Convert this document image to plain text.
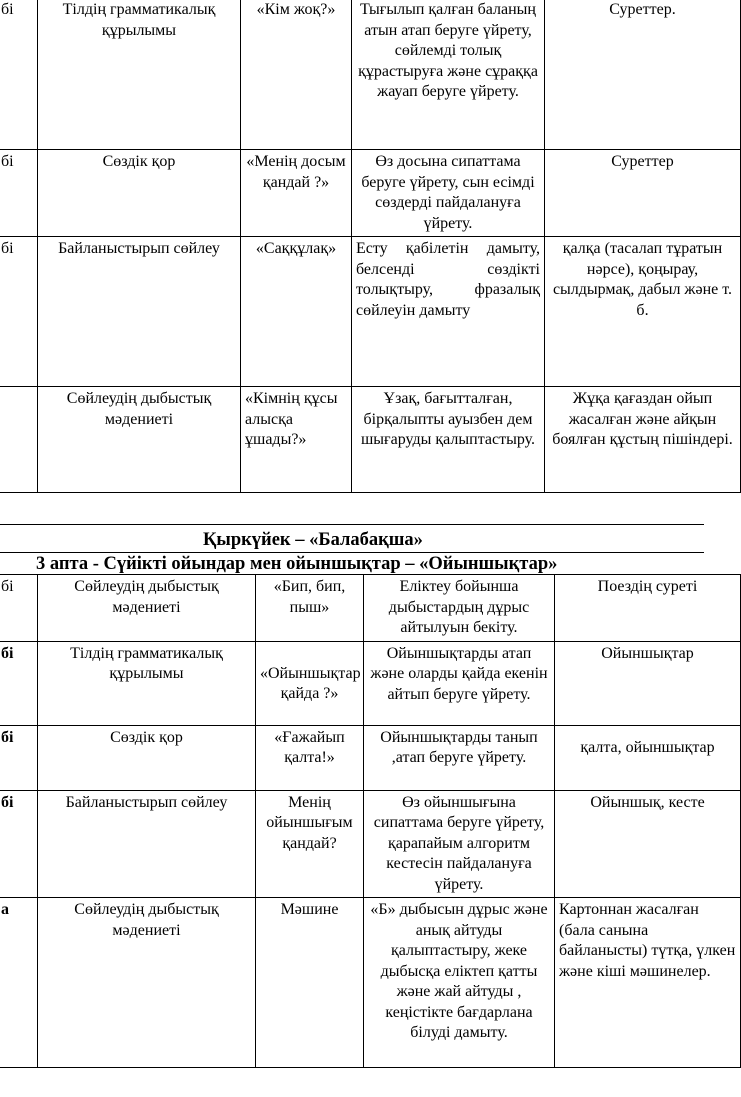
бі	Тілдің грамматикалық құрылымы	«Кім жоқ?»	Тығылып қалған баланың атын атап беруге үйрету, сөйлемді толық құрастыруға және сұраққа жауап беруге үйрету.	Суреттер.
бі	Сөздік қор	«Менің досым қандай ?»	Өз досына сипаттама беруге үйрету, сын есімді сөздерді пайдалануға үйрету.	Суреттер
бі	Байланыстырып сөйлеу	«Саққұлақ»	Есту қабілетін дамыту, белсенді сөздікті толықтыру, фразалық сөйлеуін дамыту	қалқа (тасалап тұратын нәрсе), қоңырау, сылдырмақ, дабыл және т. б.
	Сөйлеудің дыбыстық мәдениеті	«Кімнің құсы алысқа ұшады?»	Ұзақ, бағытталған, бірқалыпты ауызбен дем шығаруды қалыптастыру.	Жұқа қағаздан ойып жасалған және айқын боялған құстың пішіндері.
Қыркүйек – «Балабақша»
3 апта - Сүйікті ойындар мен ойыншықтар – «Ойыншықтар»
бі	Сөйлеудің дыбыстық мәдениеті	«Бип, бип, пыш»	Еліктеу бойынша дыбыстардың дұрыс айтылуын бекіту.	Поездің суреті
бі	Тілдің грамматикалық құрылымы	«Ойыншықтар қайда ?»	Ойыншықтарды атап және оларды қайда екенін айтып беруге үйрету.	Ойыншықтар
бі	Сөздік қор	«Ғажайып қалта!»	Ойыншықтарды танып ,атап беруге үйрету.	қалта, ойыншықтар
бі	Байланыстырып сөйлеу	Менің ойыншығым қандай?	Өз ойыншығына сипаттама беруге үйрету, қарапайым алгоритм кестесін пайдалануға үйрету.	Ойыншық, кесте
а	Сөйлеудің дыбыстық мәдениеті	Мәшине	«Б» дыбысын дұрыс және анық айтуды қалыптастыру, жеке дыбысқа еліктеп қатты және жай айтуды , кеңістікте бағдарлана білуді дамыту.	Картоннан жасалған (бала санына байланысты) түтқа, үлкен және кіші мәшинелер.
